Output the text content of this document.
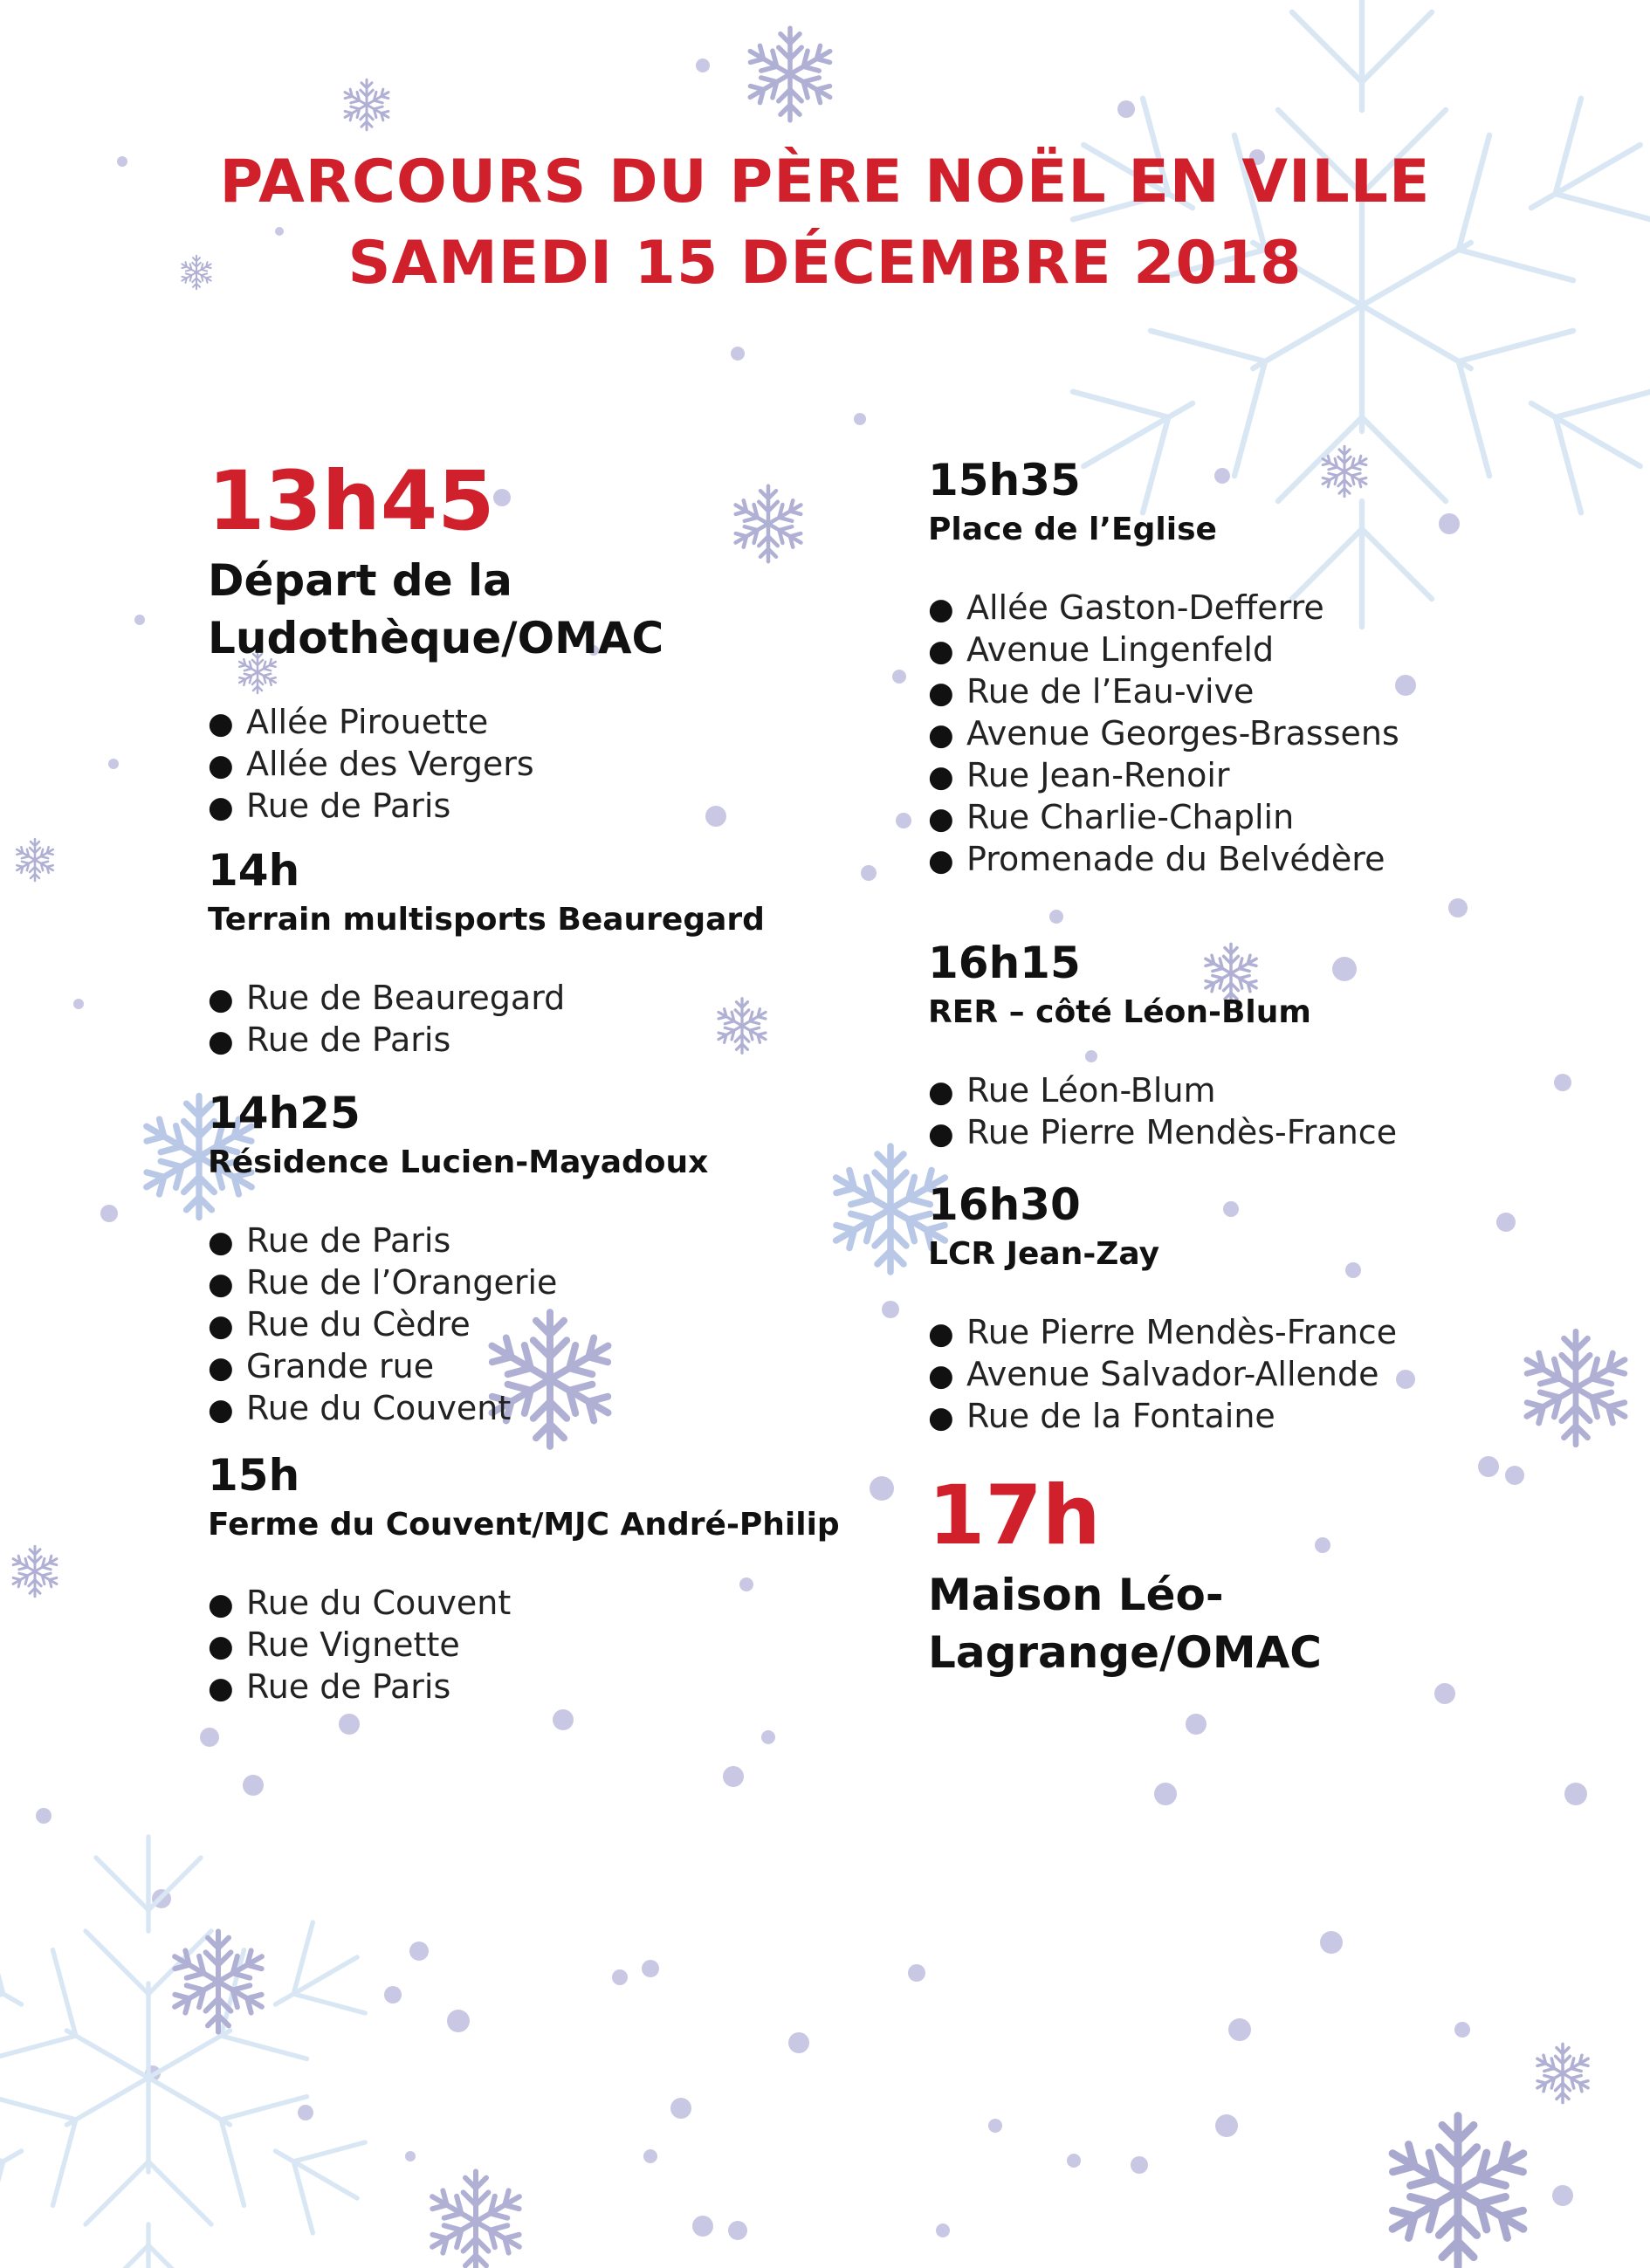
PARCOURS DU PÈRE NOËL EN VILLE
SAMEDI 15 DÉCEMBRE 2018
13h45
Départ de la
Ludothèque/OMAC
● Allée Pirouette
● Allée des Vergers
● Rue de Paris
14h
Terrain multisports Beauregard
● Rue de Beauregard
● Rue de Paris
14h25
Résidence Lucien-Mayadoux
● Rue de Paris
● Rue de l’Orangerie
● Rue du Cèdre
● Grande rue
● Rue du Couvent
15h
Ferme du Couvent/MJC André-Philip
● Rue du Couvent
● Rue Vignette
● Rue de Paris
15h35
Place de l’Eglise
● Allée Gaston-Defferre
● Avenue Lingenfeld
● Rue de l’Eau-vive
● Avenue Georges-Brassens
● Rue Jean-Renoir
● Rue Charlie-Chaplin
● Promenade du Belvédère
16h15
RER – côté Léon-Blum
● Rue Léon-Blum
● Rue Pierre Mendès-France
16h30
LCR Jean-Zay
● Rue Pierre Mendès-France
● Avenue Salvador-Allende
● Rue de la Fontaine
17h
Maison Léo-
Lagrange/OMAC
